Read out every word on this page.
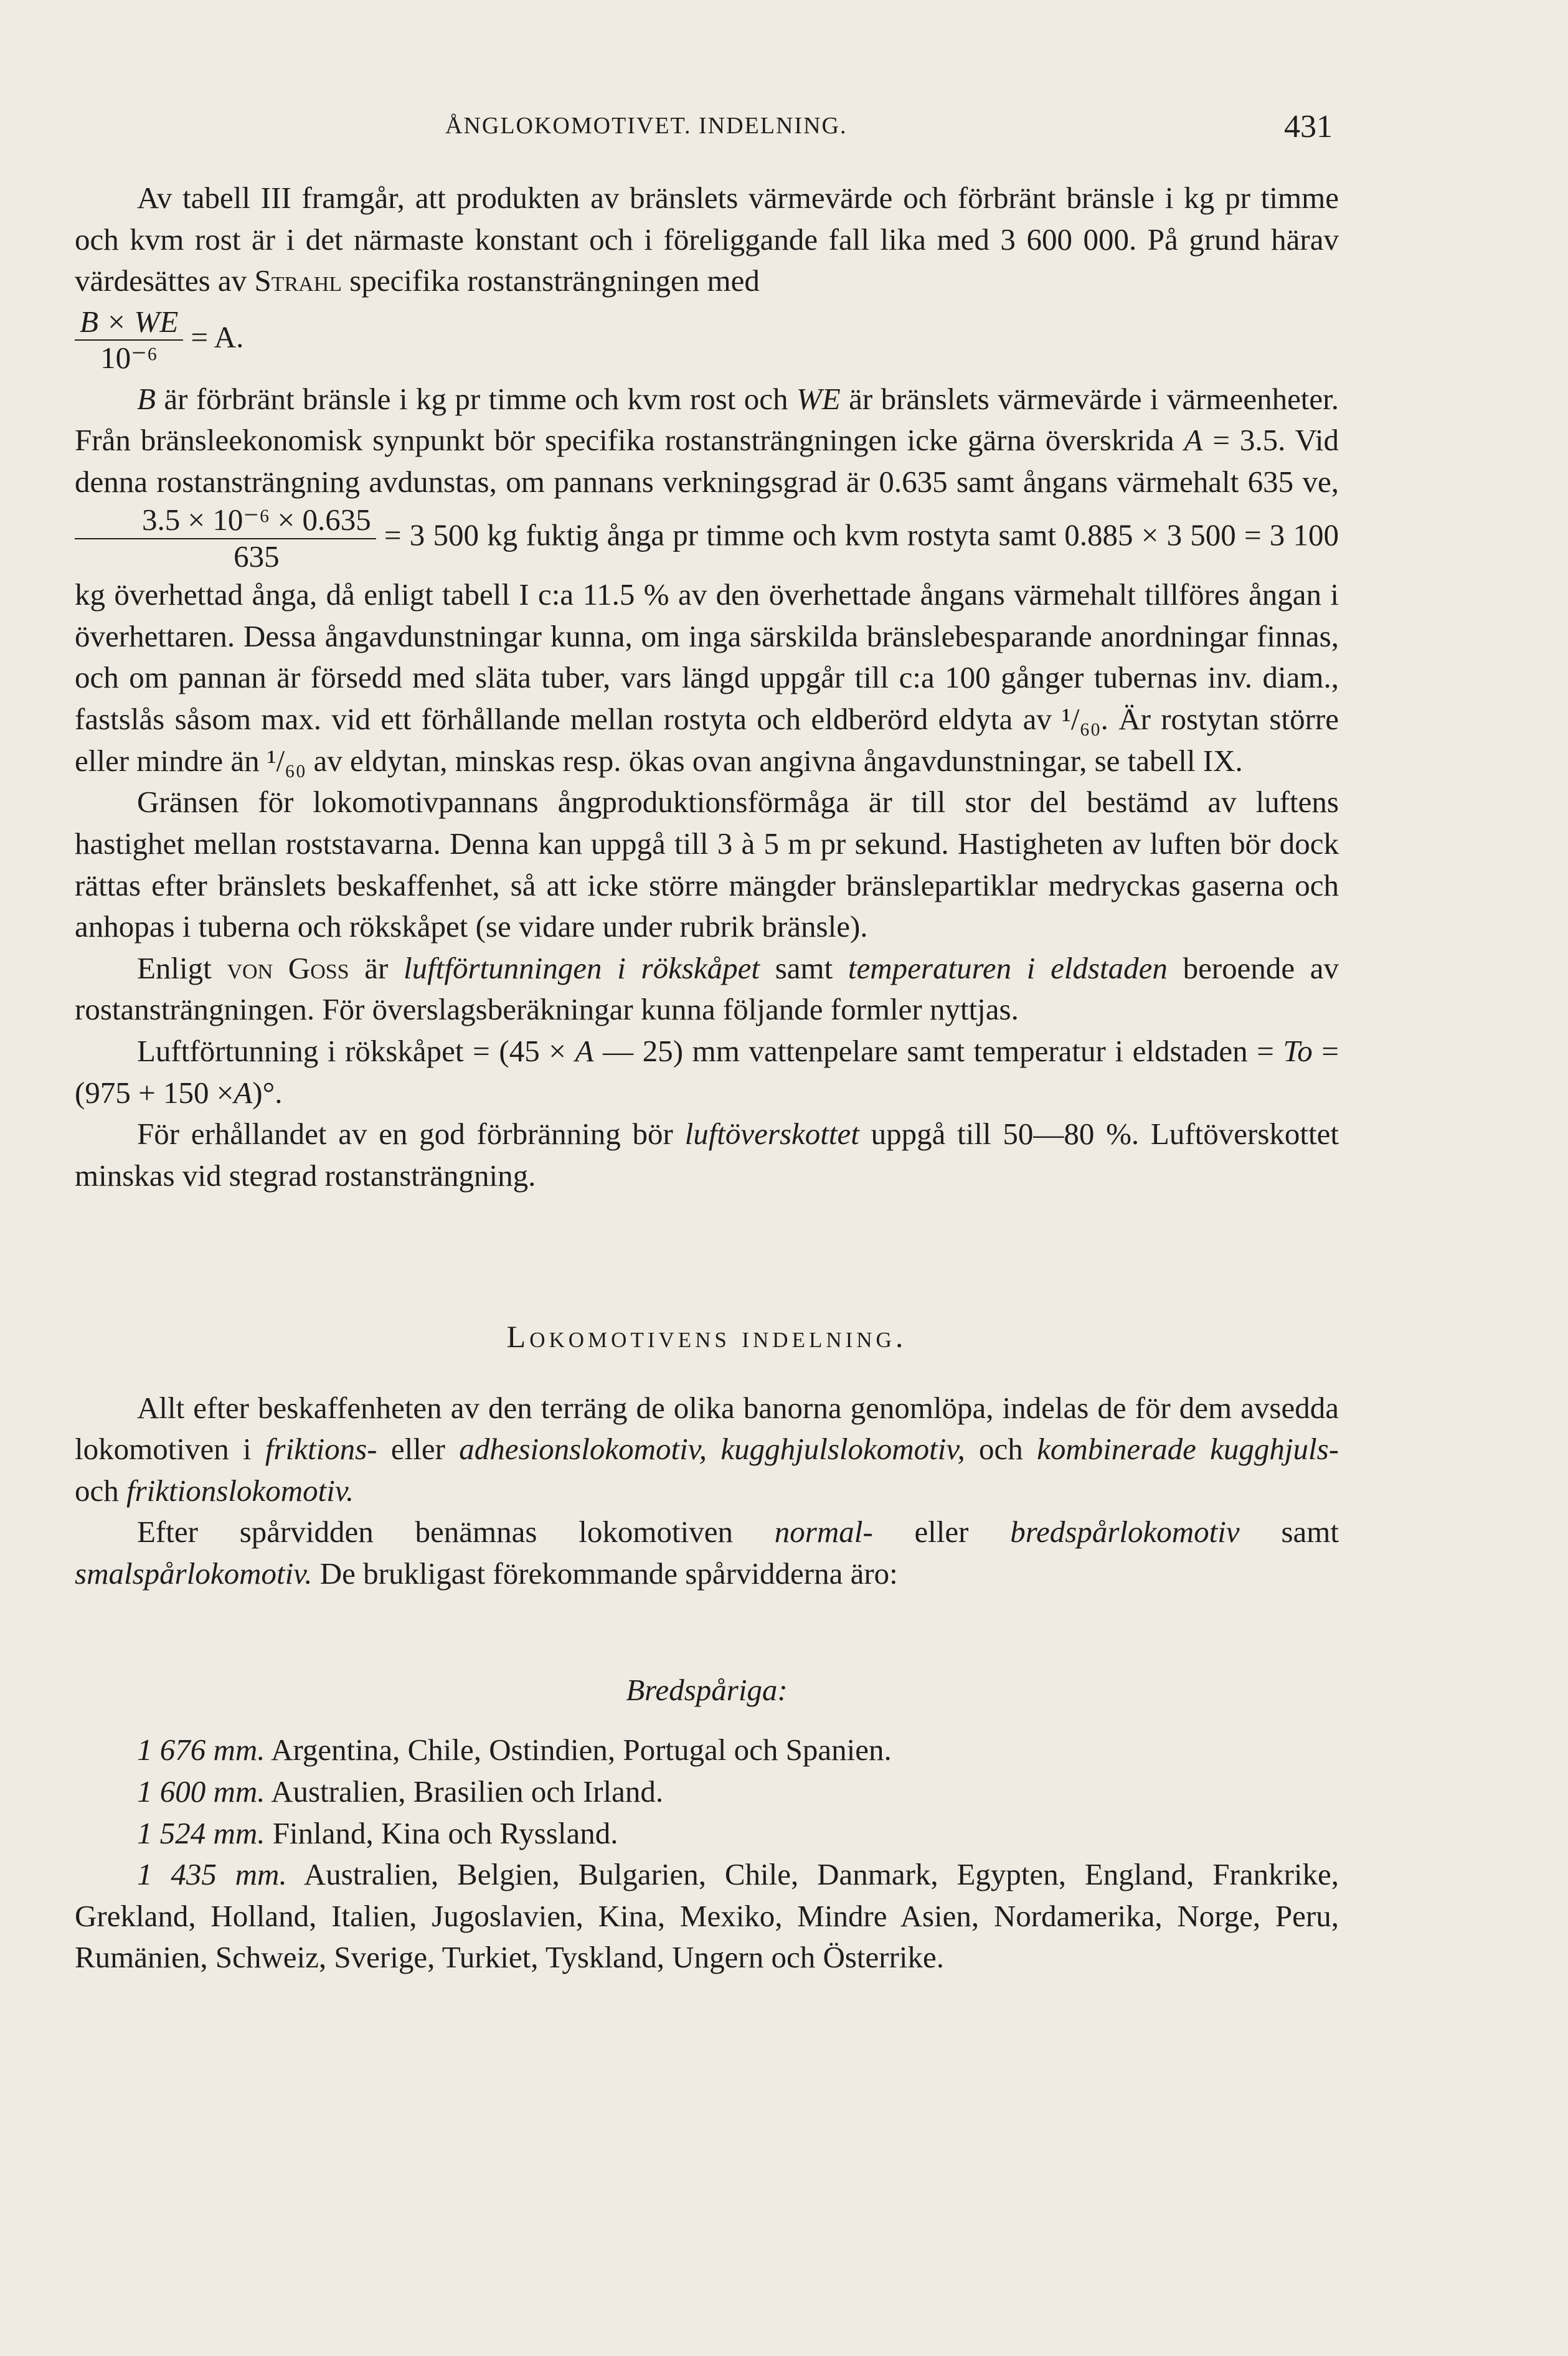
ÅNGLOKOMOTIVET. INDELNING.	431

Av tabell III framgår, att produkten av bränslets värmevärde och förbränt bränsle i kg pr timme och kvm rost är i det närmaste konstant och i föreliggande fall lika med 3 600 000. På grund härav värdesättes av Strahl specifika rostansträngningen med

$\frac{B \times WE}{\text{10⁻⁶}} = A$.

B är förbränt bränsle i kg pr timme och kvm rost och WE är bränslets värmevärde i värmeenheter. Från bränsleekonomisk synpunkt bör specifika rostansträngningen icke gärna överskrida A = 3.5. Vid denna rostansträngning avdunstas, om pannans verkningsgrad är 0.635 samt ångans värmehalt 635 ve,
$\frac{\text{3.5 × 10⁻⁶ × 0.635}}{635} = 3$ 500 kg fuktig ånga pr timme och kvm rostyta samt 0.885 × 3 500 = 3 100 kg överhettad ånga, då enligt tabell I c:a 11.5 % av den överhettade ångans värmehalt tillföres ångan i överhettaren. Dessa ångavdunstningar kunna, om inga särskilda bränslebesparande anordningar finnas, och om pannan är försedd med släta tuber, vars längd uppgår till c:a 100 gånger tubernas inv. diam., fastslås såsom max. vid ett förhållande mellan rostyta och eldberörd eldyta av ¹/₆₀. Är rostytan större eller mindre än ¹/₆₀ av eldytan, minskas resp. ökas ovan angivna ångavdunstningar, se tabell IX.

Gränsen för lokomotivpannans ångproduktionsförmåga är till stor del bestämd av luftens hastighet mellan roststavarna. Denna kan uppgå till 3 à 5 m pr sekund. Hastigheten av luften bör dock rättas efter bränslets beskaffenhet, så att icke större mängder bränslepartiklar medryckas gaserna och anhopas i tuberna och rökskåpet (se vidare under rubrik bränsle).

Enligt von Goss är luftförtunningen i rökskåpet samt temperaturen i eldstaden beroende av rostansträngningen. För överslagsberäkningar kunna följande formler nyttjas.

Luftförtunning i rökskåpet = (45 × A — 25) mm vattenpelare samt temperatur i eldstaden = To = (975 + 150 ×A)°.

För erhållandet av en god förbränning bör luftöverskottet uppgå till 50—80 %. Luftöverskottet minskas vid stegrad rostansträngning.

Lokomotivens indelning.

Allt efter beskaffenheten av den terräng de olika banorna genomlöpa, indelas de för dem avsedda lokomotiven i friktions- eller adhesionslokomotiv, kugghjulslokomotiv, och kombinerade kugghjuls- och friktionslokomotiv.

Efter spårvidden benämnas lokomotiven normal- eller bredspårlokomotiv samt smalspårlokomotiv. De brukligast förekommande spårvidderna äro:

Bredspåriga:

1 676 mm. Argentina, Chile, Ostindien, Portugal och Spanien.

1 600 mm. Australien, Brasilien och Irland.

1 524 mm. Finland, Kina och Ryssland.

1 435 mm. Australien, Belgien, Bulgarien, Chile, Danmark, Egypten, England, Frankrike, Grekland, Holland, Italien, Jugoslavien, Kina, Mexiko, Mindre Asien, Nordamerika, Norge, Peru, Rumänien, Schweiz, Sverige, Turkiet, Tyskland, Ungern och Österrike.
